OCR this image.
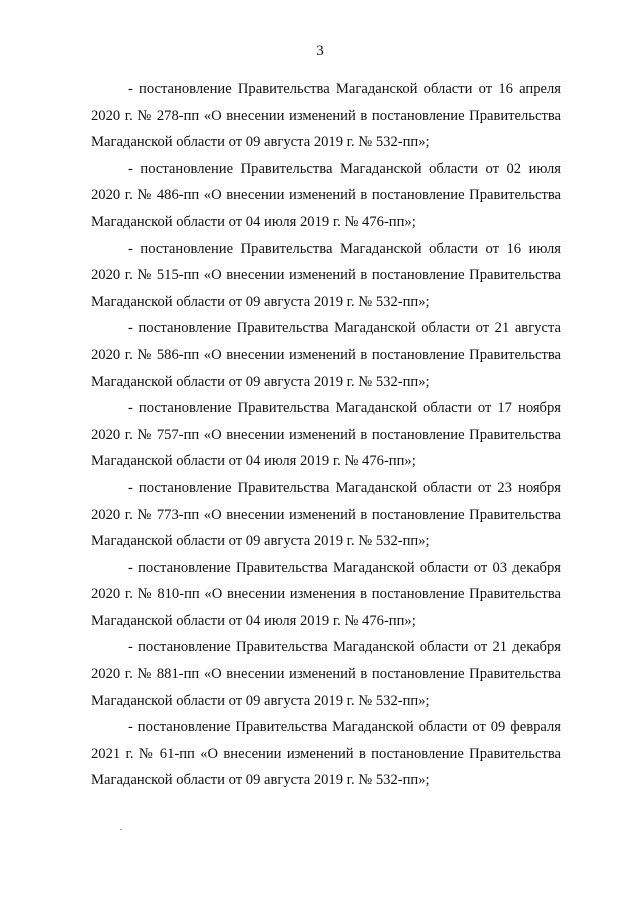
3

- постановление Правительства Магаданской области от 16 апреля 2020 г. № 278-пп «О внесении изменений в постановление Правительства Магаданской области от 09 августа 2019 г. № 532-пп»;

- постановление Правительства Магаданской области от 02 июля 2020 г. № 486-пп «О внесении изменений в постановление Правительства Магаданской области от 04 июля 2019 г. № 476-пп»;

- постановление Правительства Магаданской области от 16 июля 2020 г. № 515-пп «О внесении изменений в постановление Правительства Магаданской области от 09 августа 2019 г. № 532-пп»;

- постановление Правительства Магаданской области от 21 августа 2020 г. № 586-пп «О внесении изменений в постановление Правительства Магаданской области от 09 августа 2019 г. № 532-пп»;

- постановление Правительства Магаданской области от 17 ноября 2020 г. № 757-пп «О внесении изменений в постановление Правительства Магаданской области от 04 июля 2019 г. № 476-пп»;

- постановление Правительства Магаданской области от 23 ноября 2020 г. № 773-пп «О внесении изменений в постановление Правительства Магаданской области от 09 августа 2019 г. № 532-пп»;

- постановление Правительства Магаданской области от 03 декабря 2020 г. № 810-пп «О внесении изменения в постановление Правительства Магаданской области от 04 июля 2019 г. № 476-пп»;

- постановление Правительства Магаданской области от 21 декабря 2020 г. № 881-пп «О внесении изменений в постановление Правительства Магаданской области от 09 августа 2019 г. № 532-пп»;

- постановление Правительства Магаданской области от 09 февраля 2021 г. № 61-пп «О внесении изменений в постановление Правительства Магаданской области от 09 августа 2019 г. № 532-пп»;
